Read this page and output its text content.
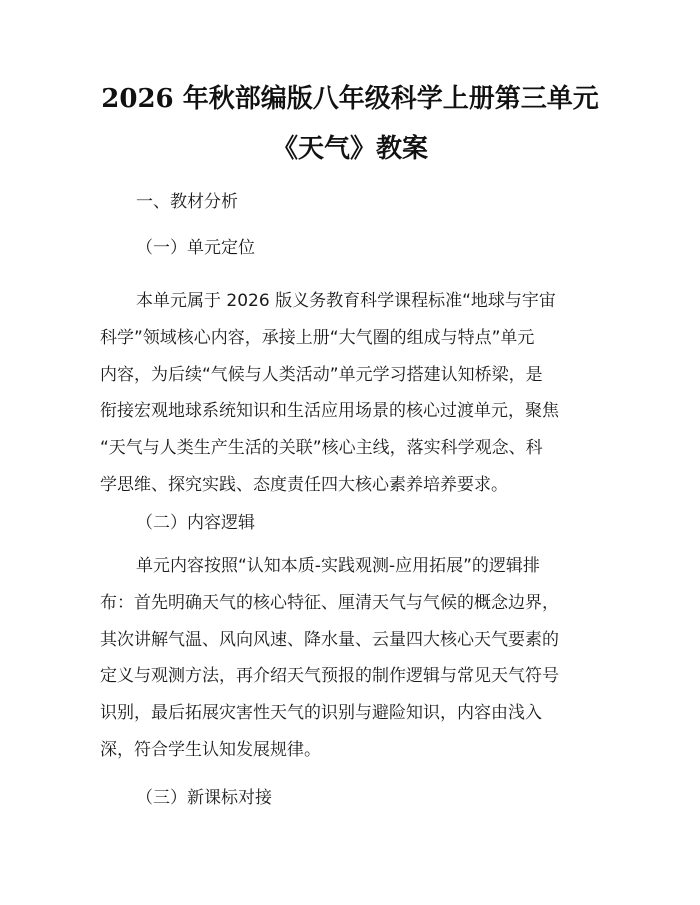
2026 年秋部编版八年级科学上册第三单元
《天气》教案
一、教材分析
（一）单元定位
本单元属于 2026 版义务教育科学课程标准“地球与宇宙
科学”领域核心内容，承接上册“大气圈的组成与特点”单元
内容，为后续“气候与人类活动”单元学习搭建认知桥梁，是
衔接宏观地球系统知识和生活应用场景的核心过渡单元，聚焦
“天气与人类生产生活的关联”核心主线，落实科学观念、科
学思维、探究实践、态度责任四大核心素养培养要求。
（二）内容逻辑
单元内容按照“认知本质-实践观测-应用拓展”的逻辑排
布：首先明确天气的核心特征、厘清天气与气候的概念边界，
其次讲解气温、风向风速、降水量、云量四大核心天气要素的
定义与观测方法，再介绍天气预报的制作逻辑与常见天气符号
识别，最后拓展灾害性天气的识别与避险知识，内容由浅入
深，符合学生认知发展规律。
（三）新课标对接
